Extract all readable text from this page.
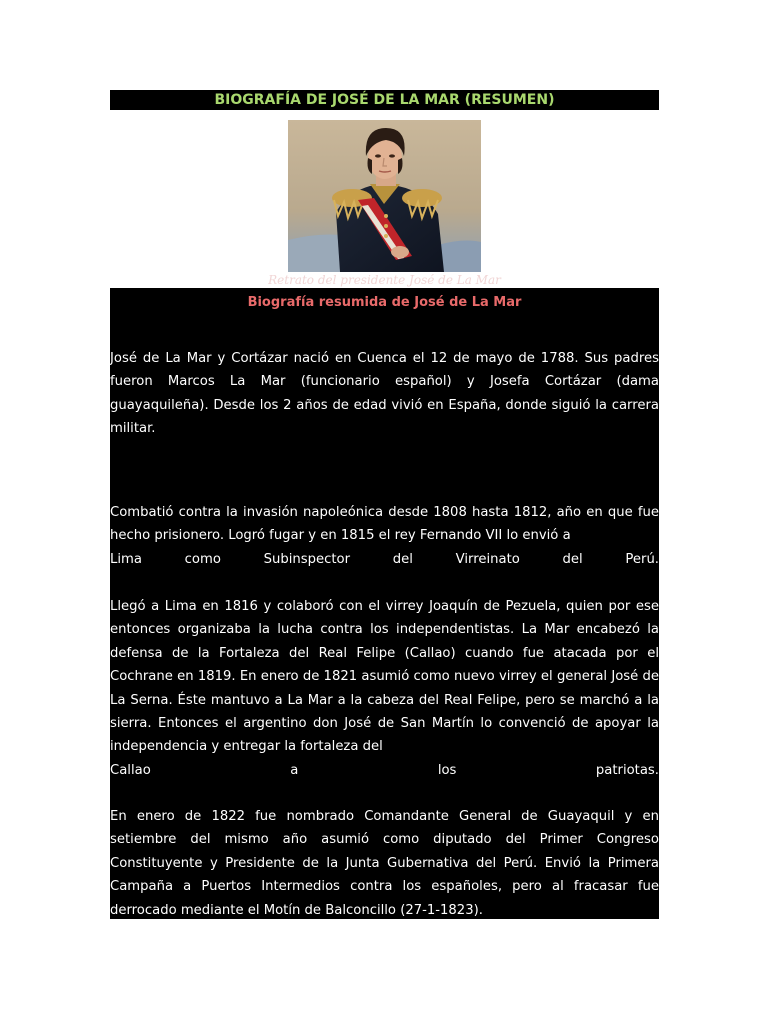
BIOGRAFÍA DE JOSÉ DE LA MAR (RESUMEN)
Retrato del presidente José de La Mar
Biografía resumida de José de La Mar
José de La Mar y Cortázar nació en Cuenca el 12 de mayo de 1788. Sus padres fueron Marcos La Mar (funcionario español) y Josefa Cortázar (dama guayaquileña). Desde los 2 años de edad vivió en España, donde siguió la carrera militar.
Combatió contra la invasión napoleónica desde 1808 hasta 1812, año en que fue hecho prisionero. Logró fugar y en 1815 el rey Fernando VII lo envió a
Lima como Subinspector del Virreinato del Perú.
Llegó a Lima en 1816 y colaboró con el virrey Joaquín de Pezuela, quien por ese entonces organizaba la lucha contra los independentistas. La Mar encabezó la defensa de la Fortaleza del Real Felipe (Callao) cuando fue atacada por el Cochrane en 1819. En enero de 1821 asumió como nuevo virrey el general José de La Serna. Éste mantuvo a La Mar a la cabeza del Real Felipe, pero se marchó a la sierra. Entonces el argentino don José de San Martín lo convenció de apoyar la independencia y entregar la fortaleza del
Callao a los patriotas.
En enero de 1822 fue nombrado Comandante General de Guayaquil y en setiembre del mismo año asumió como diputado del Primer Congreso Constituyente y Presidente de la Junta Gubernativa del Perú. Envió la Primera Campaña a Puertos Intermedios contra los españoles, pero al fracasar fue derrocado mediante el Motín de Balconcillo (27-1-1823).
